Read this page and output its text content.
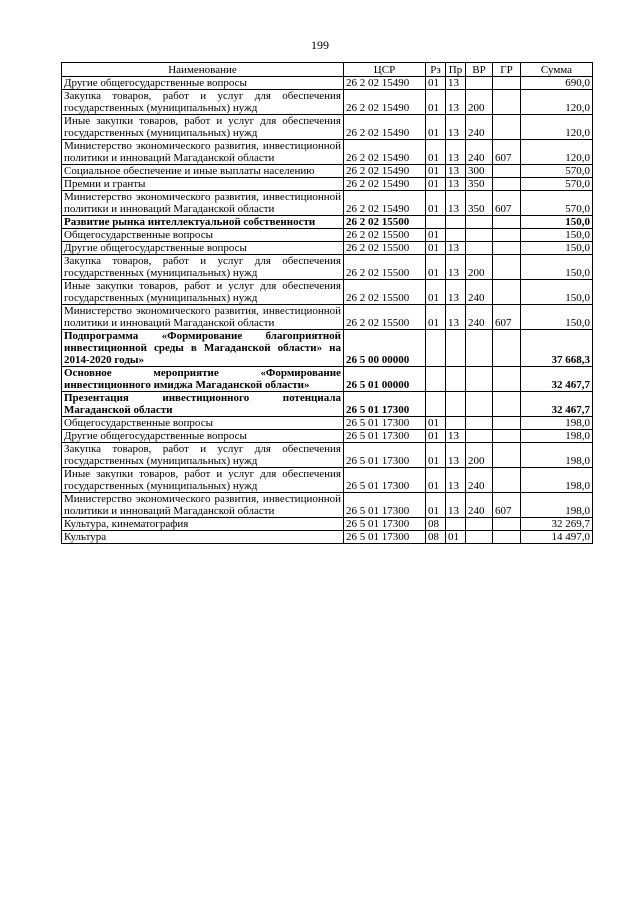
199
Наименование	ЦСР	Рз	Пр	ВР	ГР	Сумма
Другие общегосударственные вопросы	26 2 02 15490	01	13			690,0
Закупка товаров, работ и услуг для обеспечения государственных (муниципальных) нужд	26 2 02 15490	01	13	200		120,0
Иные закупки товаров, работ и услуг для обеспечения государственных (муниципальных) нужд	26 2 02 15490	01	13	240		120,0
Министерство экономического развития, инвестиционной политики и инноваций Магаданской области	26 2 02 15490	01	13	240	607	120,0
Социальное обеспечение и иные выплаты населению	26 2 02 15490	01	13	300		570,0
Премии и гранты	26 2 02 15490	01	13	350		570,0
Министерство экономического развития, инвестиционной политики и инноваций Магаданской области	26 2 02 15490	01	13	350	607	570,0
Развитие рынка интеллектуальной собственности	26 2 02 15500					150,0
Общегосударственные вопросы	26 2 02 15500	01				150,0
Другие общегосударственные вопросы	26 2 02 15500	01	13			150,0
Закупка товаров, работ и услуг для обеспечения государственных (муниципальных) нужд	26 2 02 15500	01	13	200		150,0
Иные закупки товаров, работ и услуг для обеспечения государственных (муниципальных) нужд	26 2 02 15500	01	13	240		150,0
Министерство экономического развития, инвестиционной политики и инноваций Магаданской области	26 2 02 15500	01	13	240	607	150,0
Подпрограмма «Формирование благоприятной инвестиционной среды в Магаданской области» на 2014-2020 годы»	26 5 00 00000					37 668,3
Основное мероприятие «Формирование инвестиционного имиджа Магаданской области»	26 5 01 00000					32 467,7
Презентация инвестиционного потенциала Магаданской области	26 5 01 17300					32 467,7
Общегосударственные вопросы	26 5 01 17300	01				198,0
Другие общегосударственные вопросы	26 5 01 17300	01	13			198,0
Закупка товаров, работ и услуг для обеспечения государственных (муниципальных) нужд	26 5 01 17300	01	13	200		198,0
Иные закупки товаров, работ и услуг для обеспечения государственных (муниципальных) нужд	26 5 01 17300	01	13	240		198,0
Министерство экономического развития, инвестиционной политики и инноваций Магаданской области	26 5 01 17300	01	13	240	607	198,0
Культура, кинематография	26 5 01 17300	08				32 269,7
Культура	26 5 01 17300	08	01			14 497,0
